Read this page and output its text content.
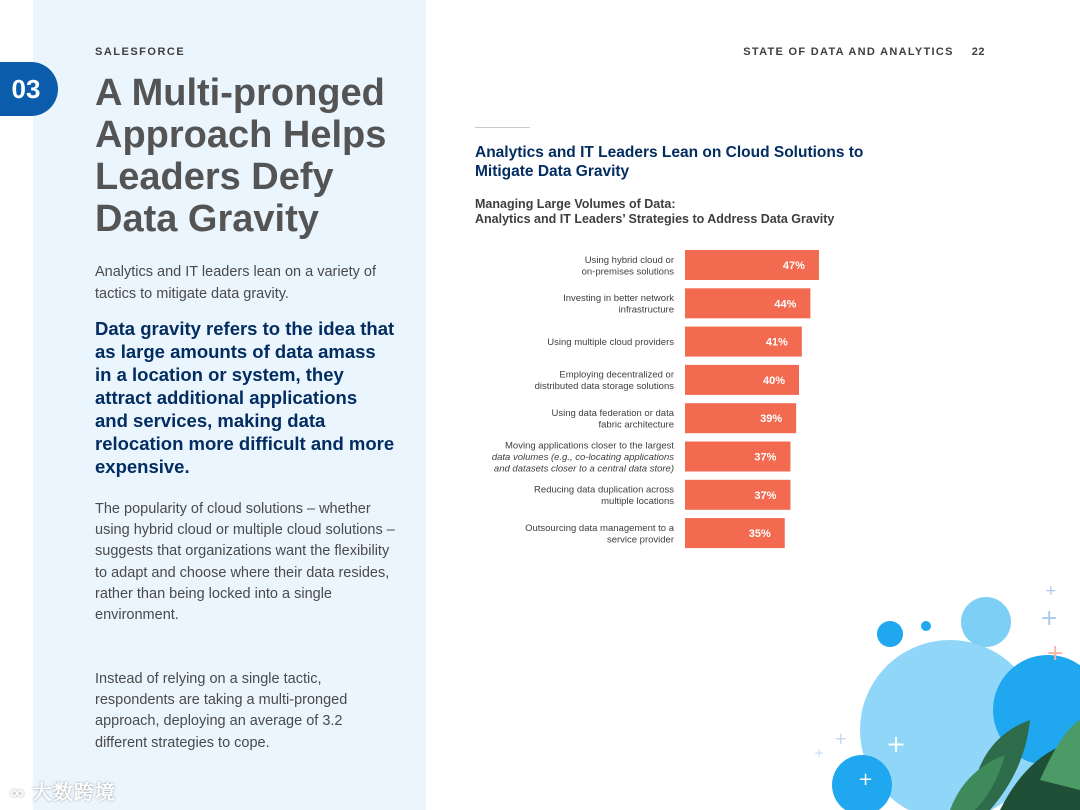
03
SALESFORCE
A Multi-pronged
Approach Helps
Leaders Defy
Data Gravity

Analytics and IT leaders lean on a variety of tactics to mitigate data gravity.

Data gravity refers to the idea that as large amounts of data amass in a location or system, they attract additional applications and services, making data relocation more difficult and more expensive.

The popularity of cloud solutions – whether using hybrid cloud or multiple cloud solutions – suggests that organizations want the flexibility to adapt and choose where their data resides, rather than being locked into a single environment.

Instead of relying on a single tactic, respondents are taking a multi-pronged approach, deploying an average of 3.2 different strategies to cope.

STATE OF DATA AND ANALYTICS 22
Analytics and IT Leaders Lean on Cloud Solutions to Mitigate Data Gravity

Managing Large Volumes of Data:
Analytics and IT Leaders’ Strategies to Address Data Gravity

47%
Using hybrid cloud or on-premises solutions
44%
Investing in better network infrastructure
41%
Using multiple cloud providers
40%
Employing decentralized or distributed data storage solutions
39%
Using data federation or data fabric architecture
37%
Moving applications closer to the largest data volumes (e.g., co-locating applications and datasets closer to a central data store)
37%
Reducing data duplication across multiple locations
35%
Outsourcing data management to a service provider
+
+
+
+
+
+
+
∞ 大数跨境
